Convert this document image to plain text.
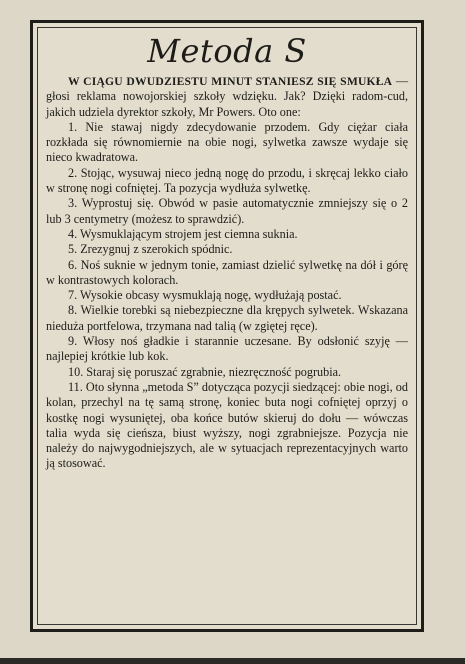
Metoda S

W CIĄGU DWUDZIESTU MINUT STANIESZ SIĘ SMUKŁA — głosi reklama nowojorskiej szkoły wdzięku. Jak? Dzięki radom-cud, jakich udziela dyrektor szkoły, Mr Powers. Oto one:

1. Nie stawaj nigdy zdecydowanie przodem. Gdy ciężar ciała rozkłada się równomiernie na obie nogi, sylwetka zawsze wydaje się nieco kwadratowa.

2. Stojąc, wysuwaj nieco jedną nogę do przodu, i skręcaj lekko ciało w stronę nogi cofniętej. Ta pozycja wydłuża sylwetkę.

3. Wyprostuj się. Obwód w pasie automatycznie zmniejszy się o 2 lub 3 centymetry (możesz to sprawdzić).

4. Wysmuklającym strojem jest ciemna suknia.

5. Zrezygnuj z szerokich spódnic.

6. Noś suknie w jednym tonie, zamiast dzielić sylwetkę na dół i górę w kontrastowych kolorach.

7. Wysokie obcasy wysmuklają nogę, wydłużają postać.

8. Wielkie torebki są niebezpieczne dla krępych sylwetek. Wskazana nieduża portfelowa, trzymana nad talią (w zgiętej ręce).

9. Włosy noś gładkie i starannie uczesane. By odsłonić szyję — najlepiej krótkie lub kok.

10. Staraj się poruszać zgrabnie, niezręczność pogrubia.

11. Oto słynna „metoda S” dotycząca pozycji siedzącej: obie nogi, od kolan, przechyl na tę samą stronę, koniec buta nogi cofniętej oprzyj o kostkę nogi wysuniętej, oba końce butów skieruj do dołu — wówczas talia wyda się cieńsza, biust wyższy, nogi zgrabniejsze. Pozycja nie należy do najwygodniejszych, ale w sytuacjach reprezentacyjnych warto ją stosować.
